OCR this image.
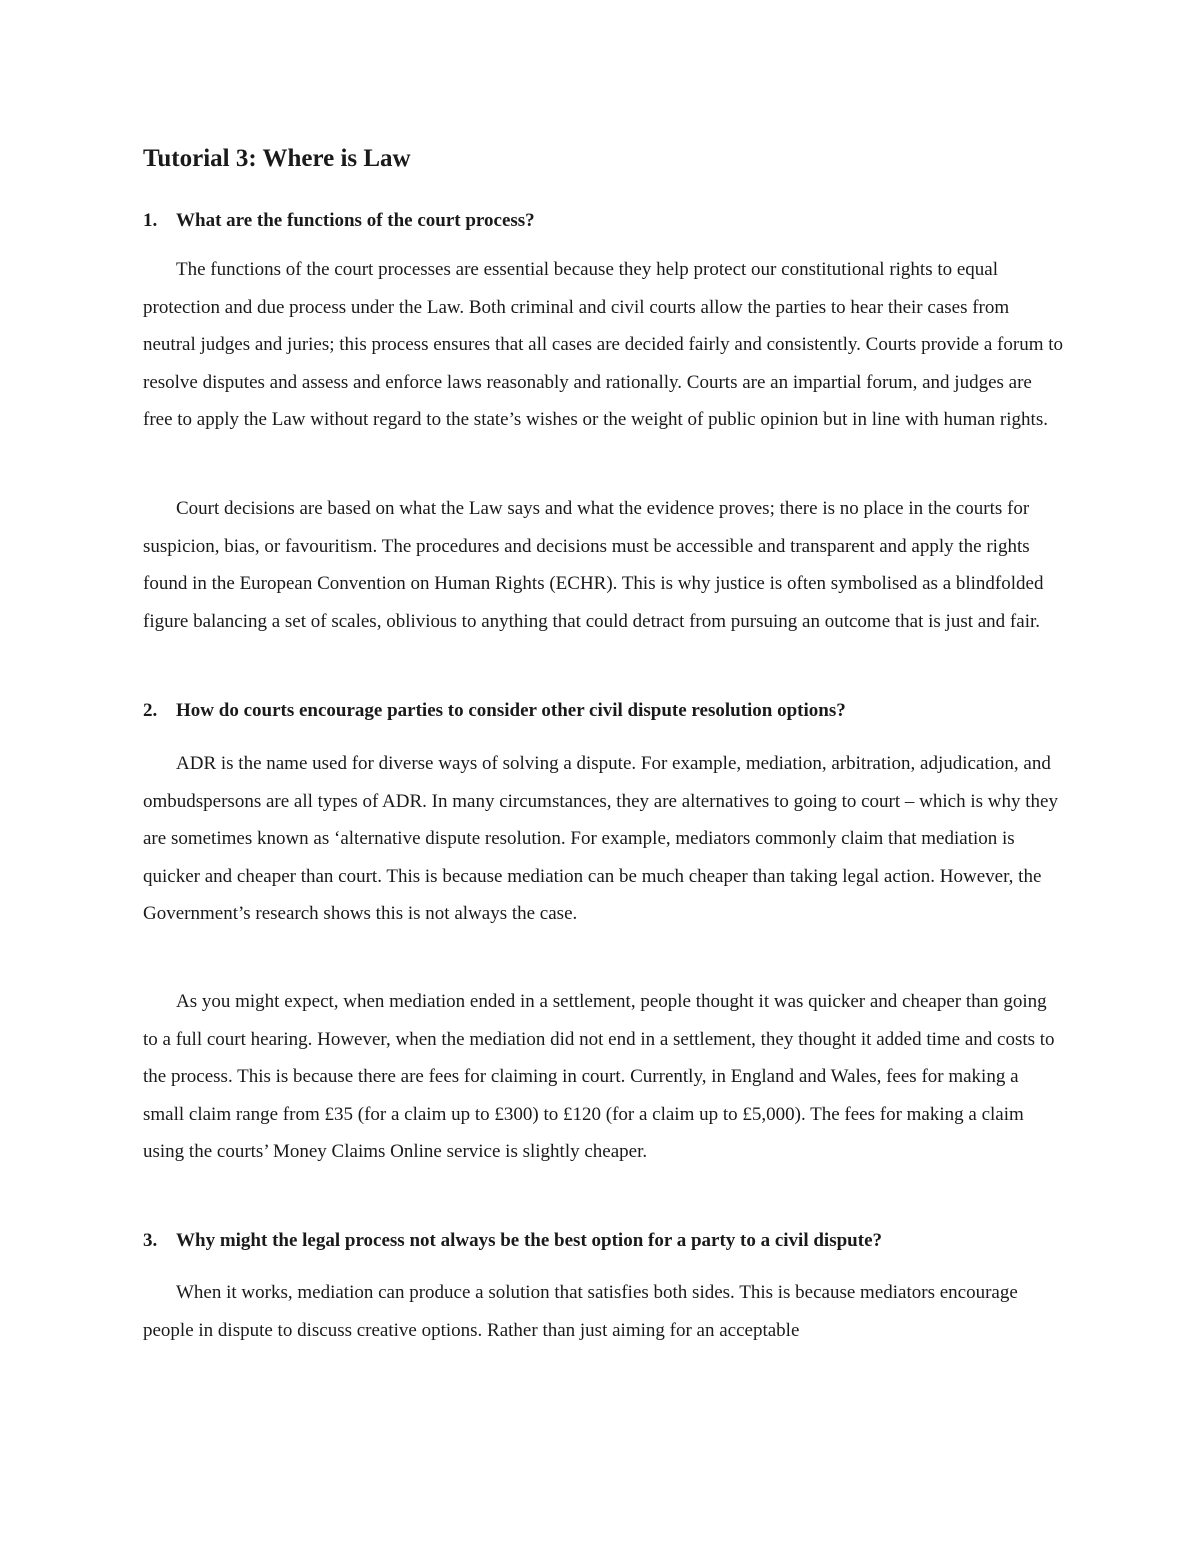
Tutorial 3: Where is Law
1. What are the functions of the court process?

The functions of the court processes are essential because they help protect our constitutional rights to equal protection and due process under the Law. Both criminal and civil courts allow the parties to hear their cases from neutral judges and juries; this process ensures that all cases are decided fairly and consistently. Courts provide a forum to resolve disputes and assess and enforce laws reasonably and rationally. Courts are an impartial forum, and judges are free to apply the Law without regard to the state’s wishes or the weight of public opinion but in line with human rights.

Court decisions are based on what the Law says and what the evidence proves; there is no place in the courts for suspicion, bias, or favouritism. The procedures and decisions must be accessible and transparent and apply the rights found in the European Convention on Human Rights (ECHR). This is why justice is often symbolised as a blindfolded figure balancing a set of scales, oblivious to anything that could detract from pursuing an outcome that is just and fair.

2. How do courts encourage parties to consider other civil dispute resolution options?

ADR is the name used for diverse ways of solving a dispute. For example, mediation, arbitration, adjudication, and ombudspersons are all types of ADR. In many circumstances, they are alternatives to going to court – which is why they are sometimes known as ‘alternative dispute resolution. For example, mediators commonly claim that mediation is quicker and cheaper than court. This is because mediation can be much cheaper than taking legal action. However, the Government’s research shows this is not always the case.

As you might expect, when mediation ended in a settlement, people thought it was quicker and cheaper than going to a full court hearing. However, when the mediation did not end in a settlement, they thought it added time and costs to the process. This is because there are fees for claiming in court. Currently, in England and Wales, fees for making a small claim range from £35 (for a claim up to £300) to £120 (for a claim up to £5,000). The fees for making a claim using the courts’ Money Claims Online service is slightly cheaper.

3. Why might the legal process not always be the best option for a party to a civil dispute?

When it works, mediation can produce a solution that satisfies both sides. This is because mediators encourage people in dispute to discuss creative options. Rather than just aiming for an acceptable
